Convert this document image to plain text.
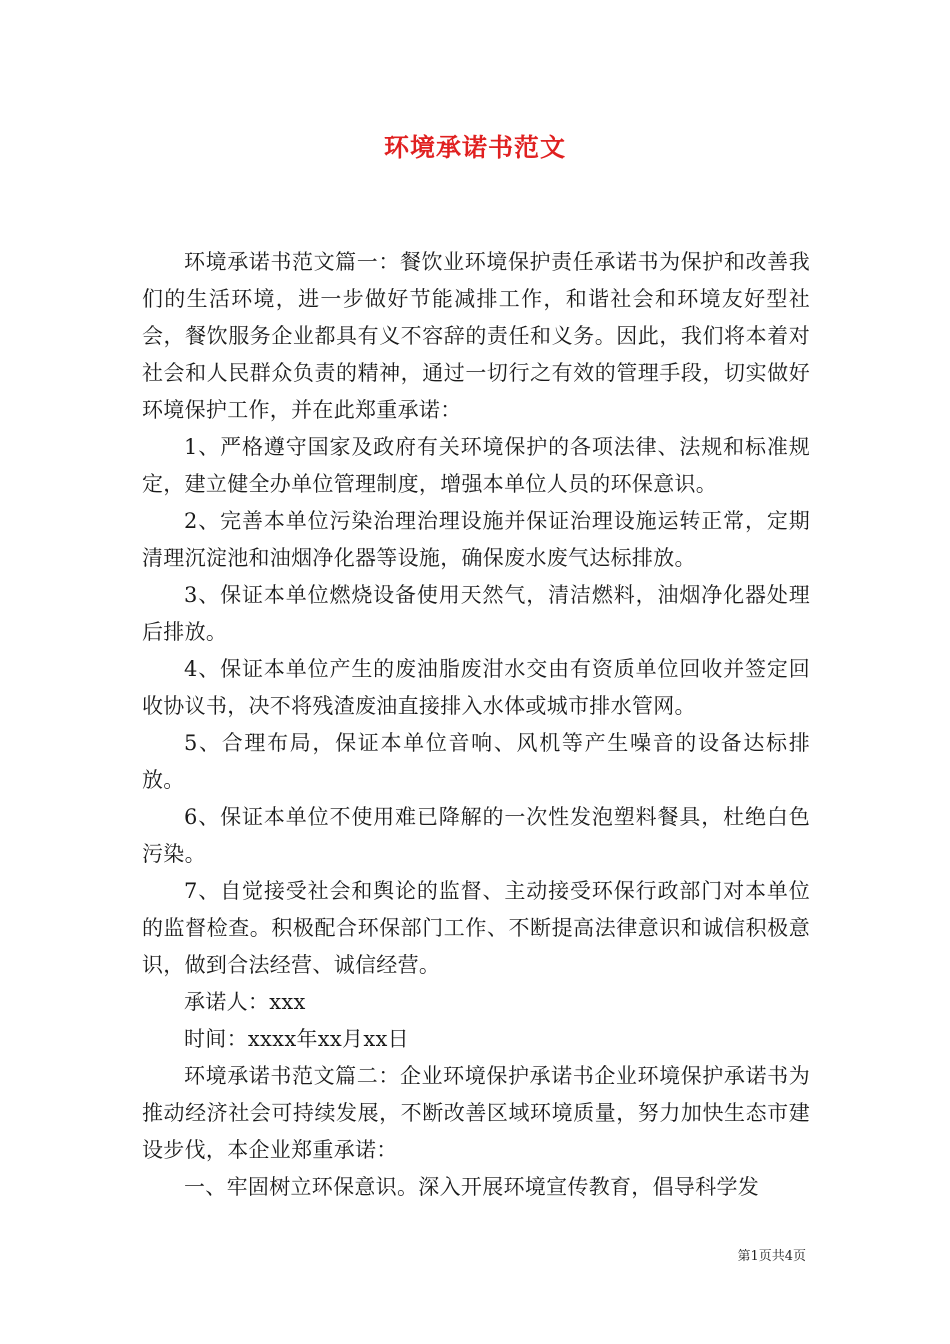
环境承诺书范文

环境承诺书范文篇一：餐饮业环境保护责任承诺书为保护和改善我们的生活环境，进一步做好节能减排工作，和谐社会和环境友好型社会，餐饮服务企业都具有义不容辞的责任和义务。因此，我们将本着对社会和人民群众负责的精神，通过一切行之有效的管理手段，切实做好环境保护工作，并在此郑重承诺：

1、严格遵守国家及政府有关环境保护的各项法律、法规和标准规定，建立健全办单位管理制度，增强本单位人员的环保意识。

2、完善本单位污染治理治理设施并保证治理设施运转正常，定期清理沉淀池和油烟净化器等设施，确保废水废气达标排放。

3、保证本单位燃烧设备使用天然气，清洁燃料，油烟净化器处理后排放。

4、保证本单位产生的废油脂废泔水交由有资质单位回收并签定回收协议书，决不将残渣废油直接排入水体或城市排水管网。

5、合理布局，保证本单位音响、风机等产生噪音的设备达标排放。

6、保证本单位不使用难已降解的一次性发泡塑料餐具，杜绝白色污染。

7、自觉接受社会和舆论的监督、主动接受环保行政部门对本单位的监督检查。积极配合环保部门工作、不断提高法律意识和诚信积极意识，做到合法经营、诚信经营。

承诺人：xxx

时间：xxxx年xx月xx日

环境承诺书范文篇二：企业环境保护承诺书企业环境保护承诺书为推动经济社会可持续发展，不断改善区域环境质量，努力加快生态市建设步伐，本企业郑重承诺：

一、牢固树立环保意识。深入开展环境宣传教育，倡导科学发

第1页共4页
